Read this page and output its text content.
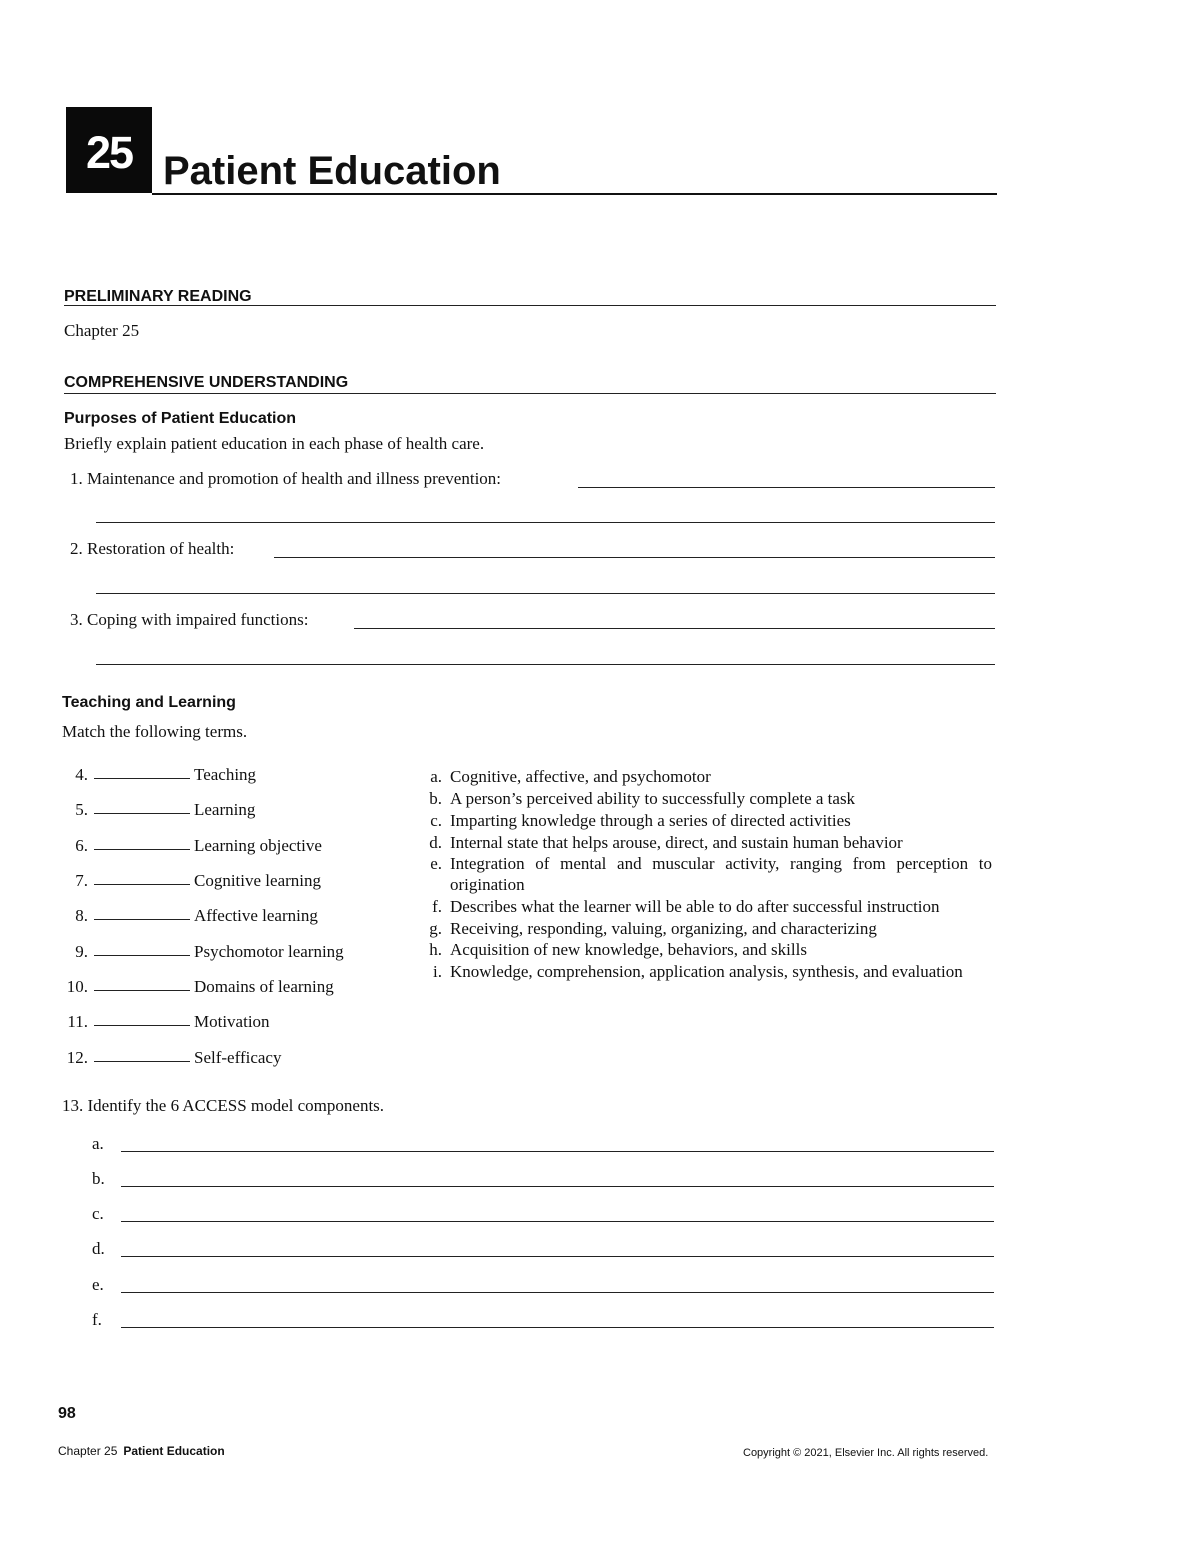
25 Patient Education
PRELIMINARY READING
Chapter 25
COMPREHENSIVE UNDERSTANDING
Purposes of Patient Education
Briefly explain patient education in each phase of health care.
1. Maintenance and promotion of health and illness prevention:
2. Restoration of health:
3. Coping with impaired functions:
Teaching and Learning
Match the following terms.
4.	Teaching
5.	Learning
6.	Learning objective
7.	Cognitive learning
8.	Affective learning
9.	Psychomotor learning
10.	Domains of learning
11.	Motivation
12.	Self-efficacy
a. Cognitive, affective, and psychomotor
b. A person’s perceived ability to successfully complete a task
c. Imparting knowledge through a series of directed activities
d. Internal state that helps arouse, direct, and sustain human behavior
e. Integration of mental and muscular activity, ranging from perception to origination
f. Describes what the learner will be able to do after successful instruction
g. Receiving, responding, valuing, organizing, and characterizing
h. Acquisition of new knowledge, behaviors, and skills
i. Knowledge, comprehension, application analysis, synthesis, and evaluation
13. Identify the 6 ACCESS model components.
a.
b.
c.
d.
e.
f.
98
Chapter 25 Patient Education	Copyright © 2021, Elsevier Inc. All rights reserved.
